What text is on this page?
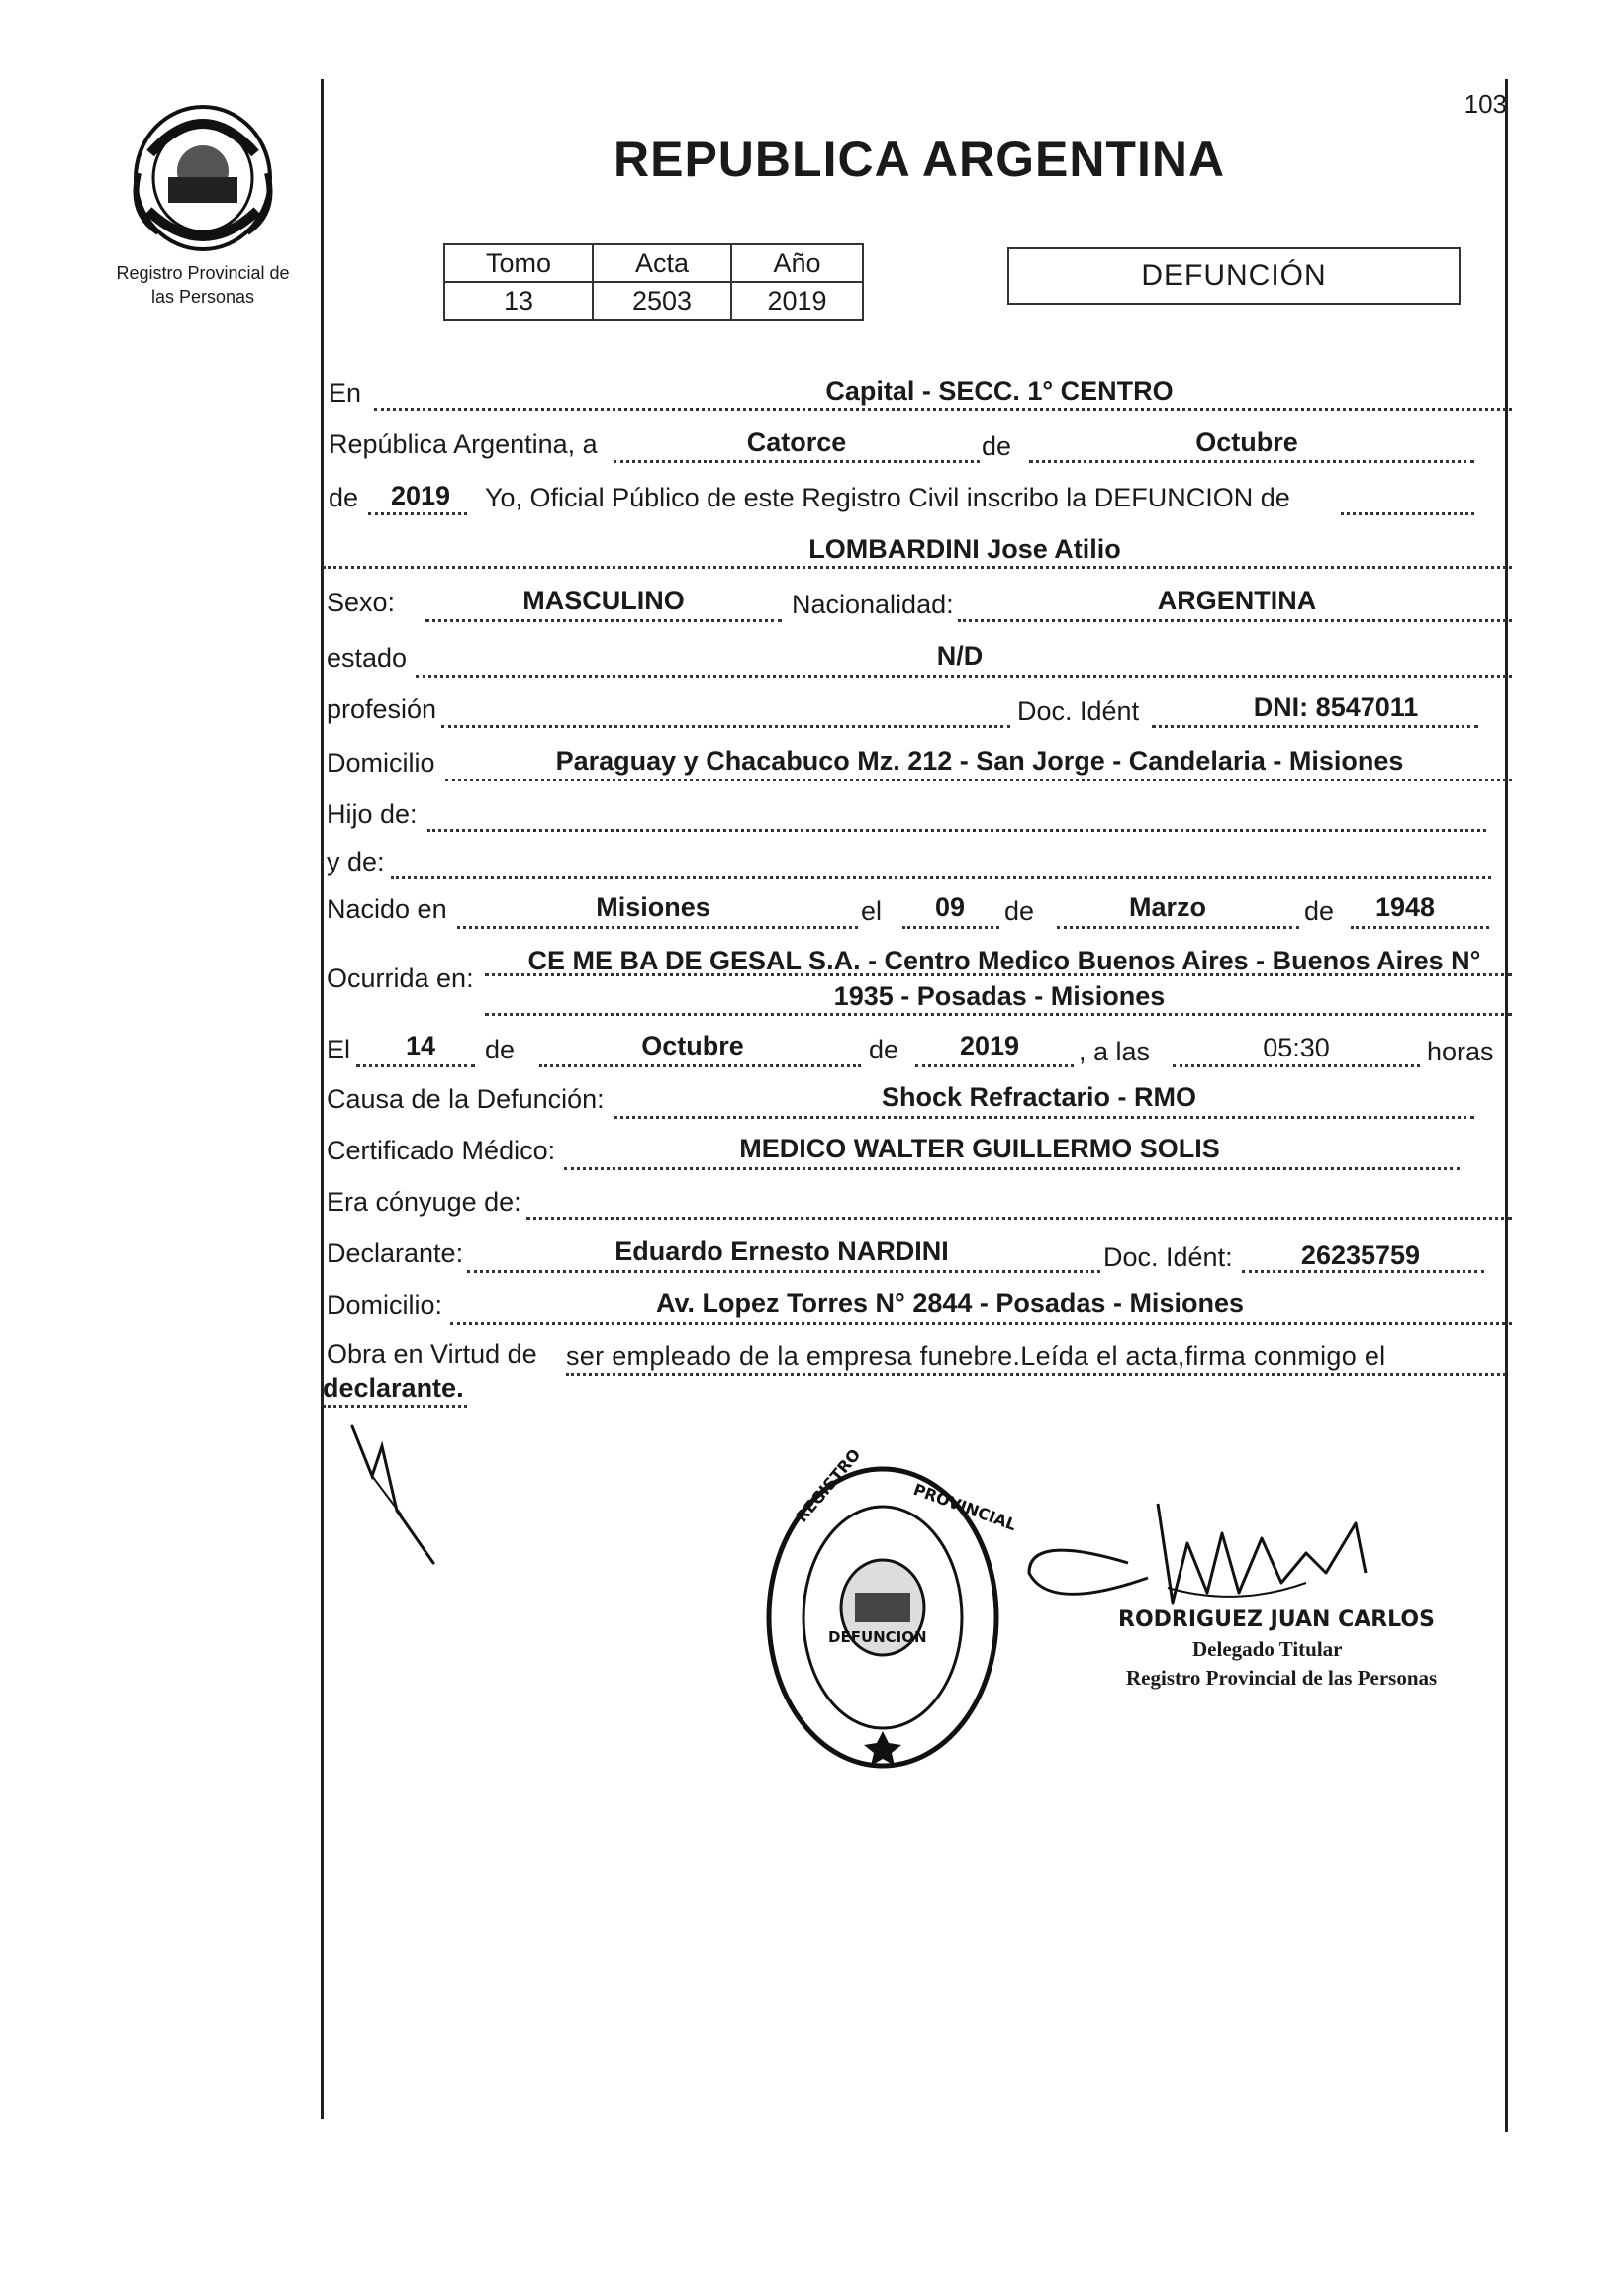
103
Registro Provincial de
las Personas
REPUBLICA ARGENTINA
Tomo	Acta	Año
13	2503	2019
DEFUNCIÓN
En	Capital - SECC. 1° CENTRO
República Argentina, a	Catorce	de	Octubre
de	2019	Yo, Oficial Público de este Registro Civil inscribo la DEFUNCION de
LOMBARDINI Jose Atilio
Sexo:	MASCULINO	Nacionalidad:	ARGENTINA
estado	N/D
profesión	Doc. Idént	DNI: 8547011
Domicilio	Paraguay y Chacabuco Mz. 212 - San Jorge - Candelaria - Misiones
Hijo de:
y de:
Nacido en	Misiones	el	09	de	Marzo	de	1948
Ocurrida en:
CE ME BA DE GESAL S.A. - Centro Medico Buenos Aires - Buenos Aires N°
1935 - Posadas - Misiones
El	14	de	Octubre	de	2019	, a las	05:30	horas
Causa de la Defunción:	Shock Refractario - RMO
Certificado Médico:	MEDICO WALTER GUILLERMO SOLIS
Era cónyuge de:
Declarante:	Eduardo Ernesto NARDINI	Doc. Idént:	26235759
Domicilio:	Av. Lopez Torres N° 2844 - Posadas - Misiones
Obra en Virtud de ser empleado de la empresa funebre.Leída el acta,firma conmigo el
declarante.
REGISTRO	PROVINCIAL
DEFUNCION
RODRIGUEZ JUAN CARLOS
Delegado Titular
Registro Provincial de las Personas
